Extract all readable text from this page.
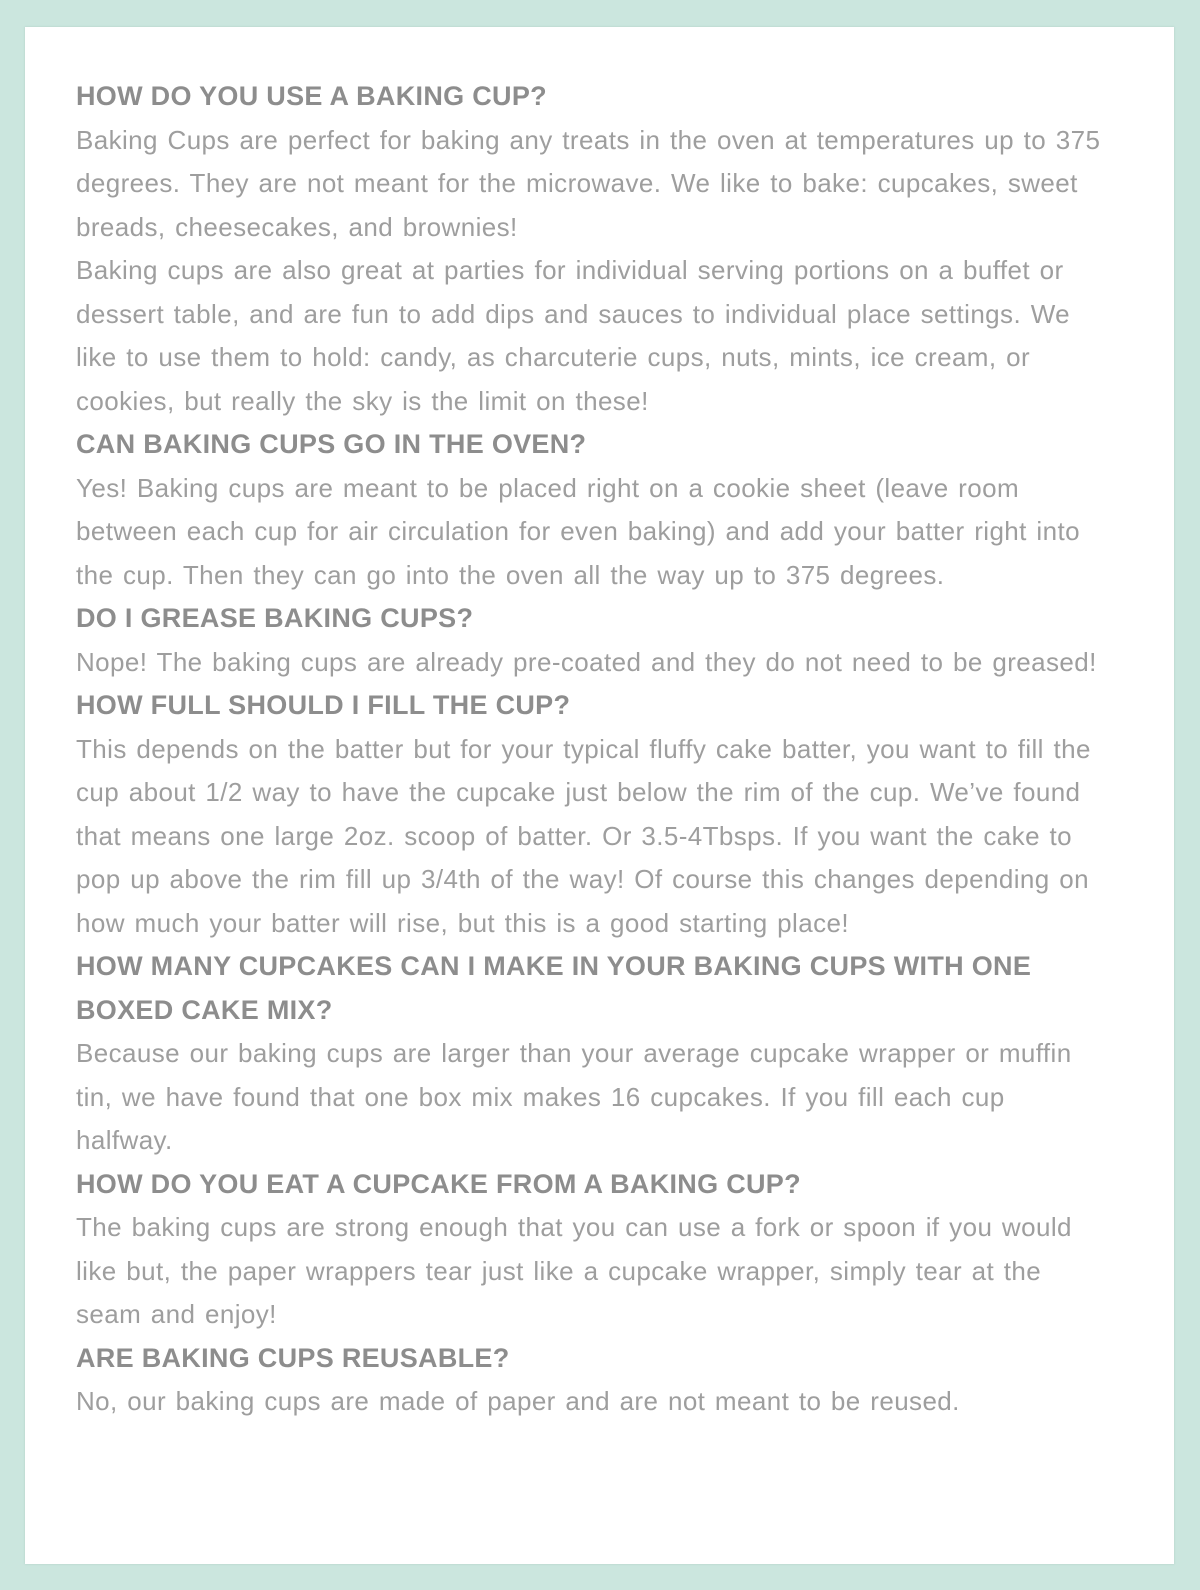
HOW DO YOU USE A BAKING CUP?

Baking Cups are perfect for baking any treats in the oven at temperatures up to 375 degrees. They are not meant for the microwave. We like to bake: cupcakes, sweet breads, cheesecakes, and brownies!

Baking cups are also great at parties for individual serving portions on a buffet or dessert table, and are fun to add dips and sauces to individual place settings. We like to use them to hold: candy, as charcuterie cups, nuts, mints, ice cream, or cookies, but really the sky is the limit on these!

CAN BAKING CUPS GO IN THE OVEN?

Yes! Baking cups are meant to be placed right on a cookie sheet (leave room between each cup for air circulation for even baking) and add your batter right into the cup. Then they can go into the oven all the way up to 375 degrees.

DO I GREASE BAKING CUPS?

Nope! The baking cups are already pre-coated and they do not need to be greased!

HOW FULL SHOULD I FILL THE CUP?

This depends on the batter but for your typical fluffy cake batter, you want to fill the cup about 1/2 way to have the cupcake just below the rim of the cup. We’ve found that means one large 2oz. scoop of batter. Or 3.5-4Tbsps. If you want the cake to pop up above the rim fill up 3/4th of the way! Of course this changes depending on how much your batter will rise, but this is a good starting place!

HOW MANY CUPCAKES CAN I MAKE IN YOUR BAKING CUPS WITH ONE BOXED CAKE MIX?

Because our baking cups are larger than your average cupcake wrapper or muffin tin, we have found that one box mix makes 16 cupcakes. If you fill each cup halfway.

HOW DO YOU EAT A CUPCAKE FROM A BAKING CUP?

The baking cups are strong enough that you can use a fork or spoon if you would like but, the paper wrappers tear just like a cupcake wrapper, simply tear at the seam and enjoy!

ARE BAKING CUPS REUSABLE?

No, our baking cups are made of paper and are not meant to be reused.
